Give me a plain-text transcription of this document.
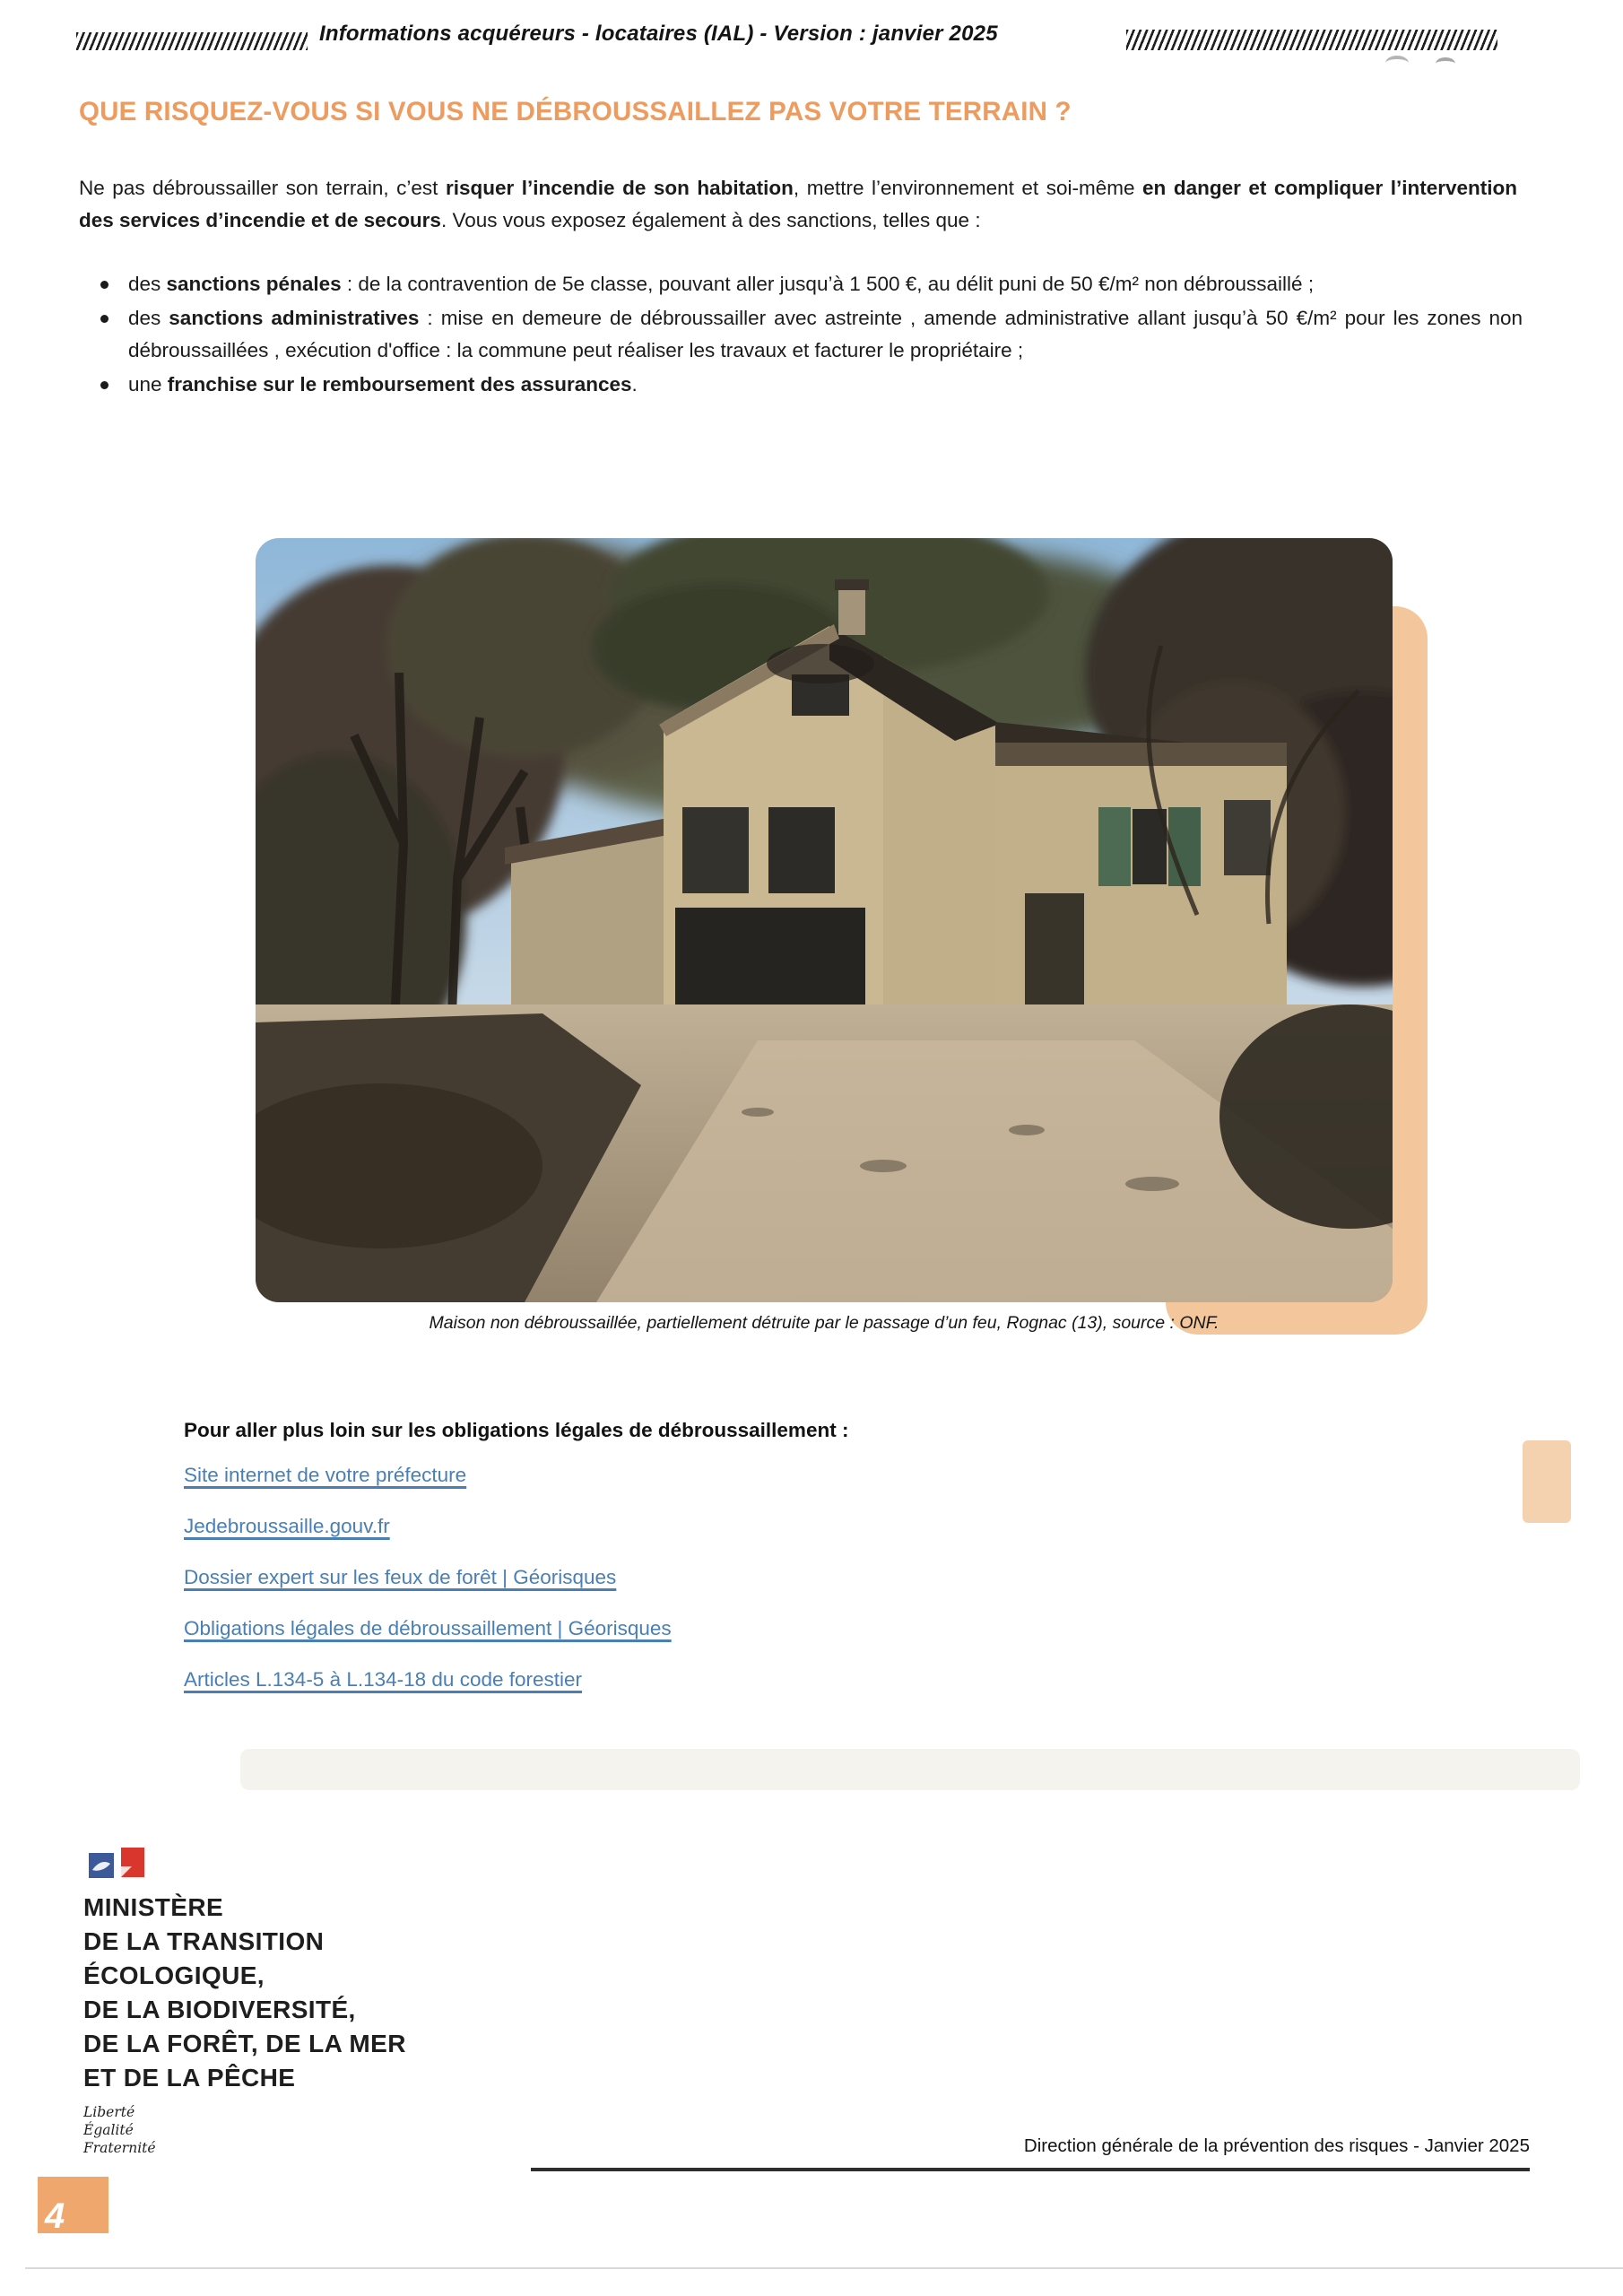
Informations acquéreurs - locataires (IAL) - Version : janvier 2025
QUE RISQUEZ-VOUS SI VOUS NE DÉBROUSSAILLEZ PAS VOTRE TERRAIN ?

Ne pas débroussailler son terrain, c’est risquer l’incendie de son habitation, mettre l’environnement et soi-même en danger et compliquer l’intervention des services d’incendie et de secours. Vous vous exposez également à des sanctions, telles que :

des sanctions pénales : de la contravention de 5e classe, pouvant aller jusqu’à 1 500 €, au délit puni de 50 €/m² non débroussaillé ;
des sanctions administratives : mise en demeure de débroussailler avec astreinte , amende administrative allant jusqu’à 50 €/m² pour les zones non débroussaillées , exécution d'office : la commune peut réaliser les travaux et facturer le propriétaire ;
une franchise sur le remboursement des assurances.
Maison non débroussaillée, partiellement détruite par le passage d’un feu, Rognac (13), source : ONF.
Pour aller plus loin sur les obligations légales de débroussaillement :
Site internet de votre préfecture
Jedebroussaille.gouv.fr
Dossier expert sur les feux de forêt | Géorisques
Obligations légales de débroussaillement | Géorisques
Articles L.134-5 à L.134-18 du code forestier
MINISTÈRE
DE LA TRANSITION
ÉCOLOGIQUE,
DE LA BIODIVERSITÉ,
DE LA FORÊT, DE LA MER
ET DE LA PÊCHE
Liberté
Égalité
Fraternité	Direction générale de la prévention des risques - Janvier 2025
4
